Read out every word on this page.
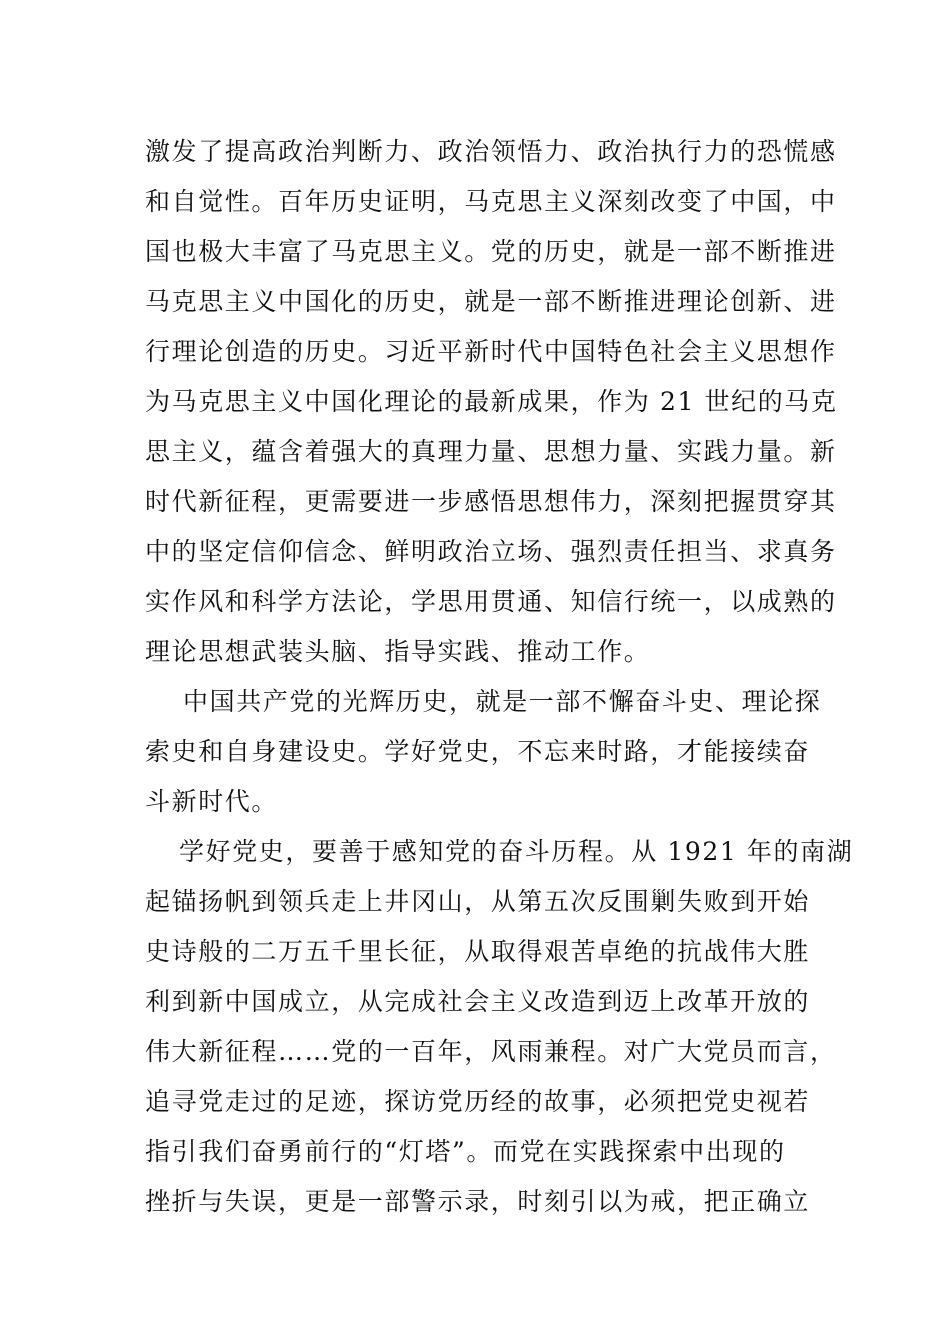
激发了提高政治判断力、政治领悟力、政治执行力的恐慌感
和自觉性。百年历史证明，马克思主义深刻改变了中国，中
国也极大丰富了马克思主义。党的历史，就是一部不断推进
马克思主义中国化的历史，就是一部不断推进理论创新、进
行理论创造的历史。习近平新时代中国特色社会主义思想作
为马克思主义中国化理论的最新成果，作为 21 世纪的马克
思主义，蕴含着强大的真理力量、思想力量、实践力量。新
时代新征程，更需要进一步感悟思想伟力，深刻把握贯穿其
中的坚定信仰信念、鲜明政治立场、强烈责任担当、求真务
实作风和科学方法论，学思用贯通、知信行统一，以成熟的
理论思想武装头脑、指导实践、推动工作。
中国共产党的光辉历史，就是一部不懈奋斗史、理论探
索史和自身建设史。学好党史，不忘来时路，才能接续奋
斗新时代。
学好党史，要善于感知党的奋斗历程。从 1921 年的南湖
起锚扬帆到领兵走上井冈山，从第五次反围剿失败到开始
史诗般的二万五千里长征，从取得艰苦卓绝的抗战伟大胜
利到新中国成立，从完成社会主义改造到迈上改革开放的
伟大新征程……党的一百年，风雨兼程。对广大党员而言，
追寻党走过的足迹，探访党历经的故事，必须把党史视若
指引我们奋勇前行的“灯塔”。而党在实践探索中出现的
挫折与失误，更是一部警示录，时刻引以为戒，把正确立
